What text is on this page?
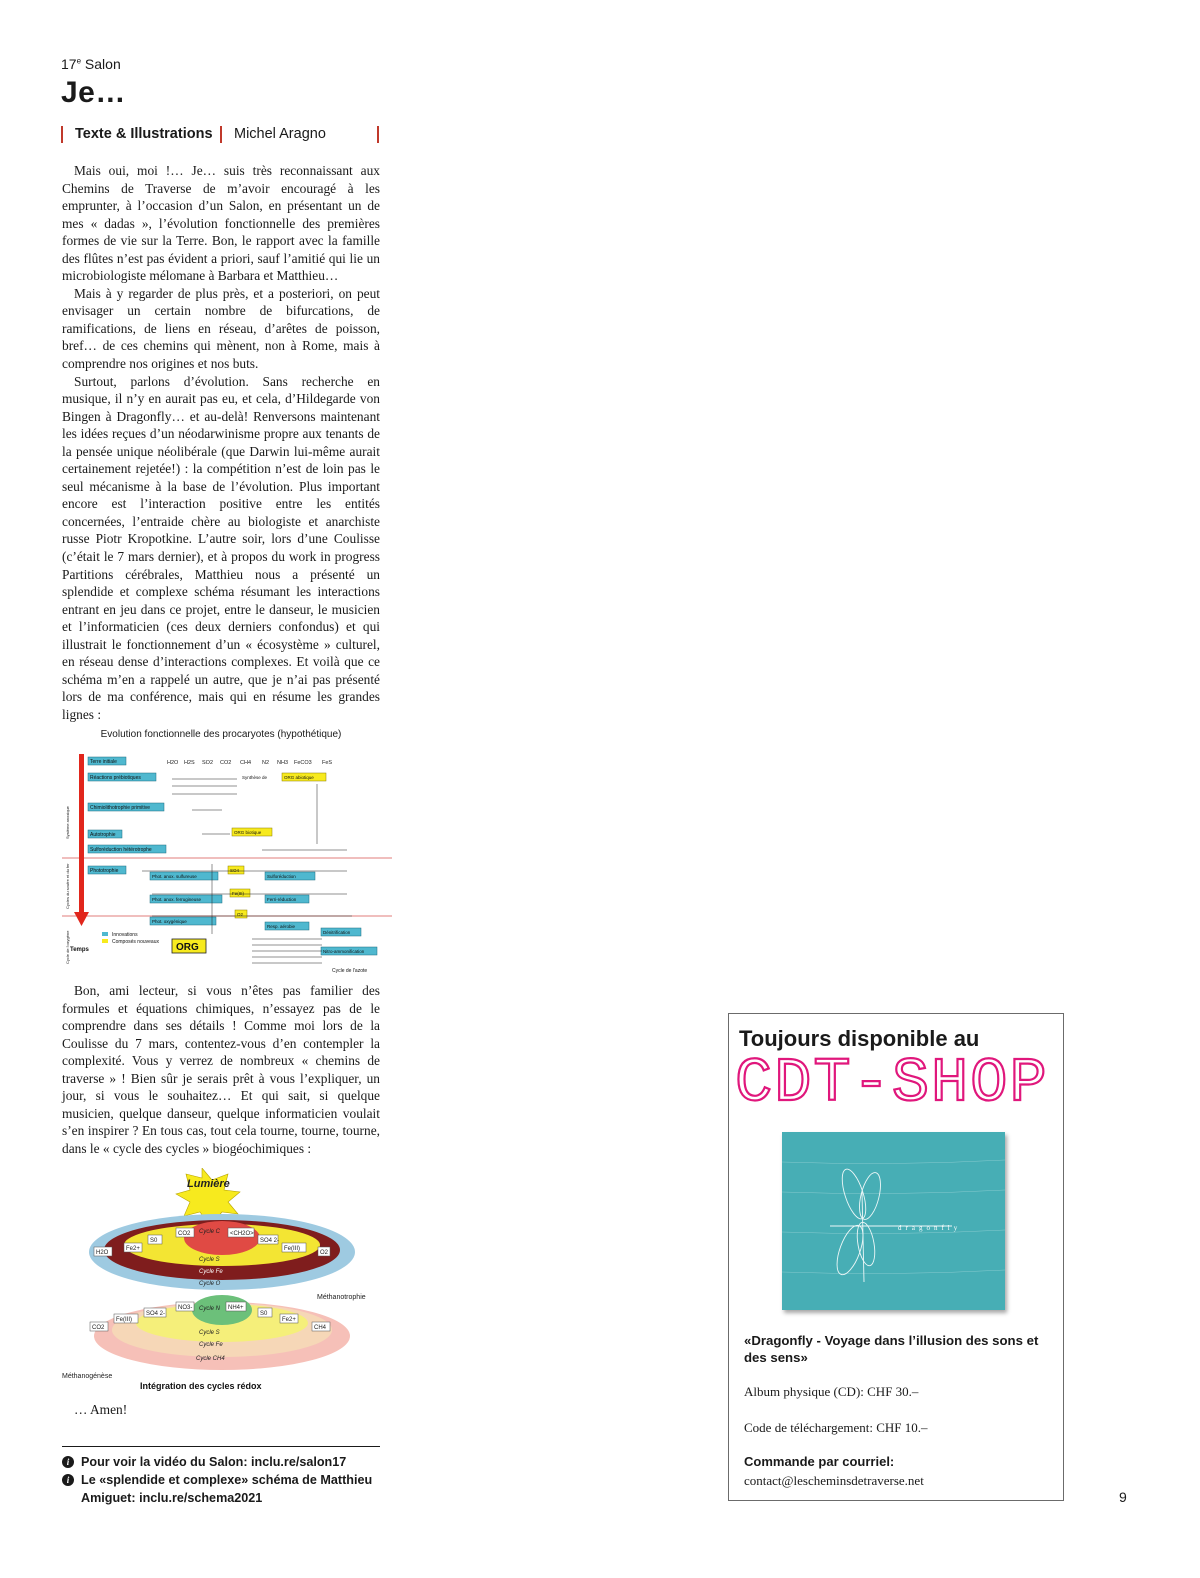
17e Salon
Je…
Texte & Illustrations Michel Aragno

Mais oui, moi !… Je… suis très reconnaissant aux Chemins de Traverse de m’avoir encouragé à les emprunter, à l’occasion d’un Salon, en présentant un de mes « dadas », l’évolution fonctionnelle des premières formes de vie sur la Terre. Bon, le rapport avec la famille des flûtes n’est pas évident a priori, sauf l’amitié qui lie un microbiologiste mélomane à Barbara et Matthieu…

Mais à y regarder de plus près, et a posteriori, on peut envisager un certain nombre de bifurcations, de ramifications, de liens en réseau, d’arêtes de poisson, bref… de ces chemins qui mènent, non à Rome, mais à comprendre nos origines et nos buts.

Surtout, parlons d’évolution. Sans recherche en musique, il n’y en aurait pas eu, et cela, d’Hildegarde von Bingen à Dragonfly… et au-delà! Renversons maintenant les idées reçues d’un néodarwinisme propre aux tenants de la pensée unique néolibérale (que Darwin lui-même aurait certainement rejetée!) : la compétition n’est de loin pas le seul mécanisme à la base de l’évolution. Plus important encore est l’interaction positive entre les entités concernées, l’entraide chère au biologiste et anarchiste russe Piotr Kropotkine. L’autre soir, lors d’une Coulisse (c’était le 7 mars dernier), et à propos du work in progress Partitions cérébrales, Matthieu nous a présenté un splendide et complexe schéma résumant les interactions entrant en jeu dans ce projet, entre le danseur, le musicien et l’informaticien (ces deux derniers confondus) et qui illustrait le fonctionnement d’un « écosystème » culturel, en réseau dense d’interactions complexes. Et voilà que ce schéma m’en a rappelé un autre, que je n’ai pas présenté lors de ma conférence, mais qui en résume les grandes lignes :

Evolution fonctionnelle des procaryotes (hypothétique)
H2O H2S SO2 CO2 CH4 N2 NH3 FeCO3 FeS
Système anoxique
Cycles du soufre et du fer
Cycle de l'oxygène
Terre initiale
Réactions prébiotiques
Chimiolithotrophie primitive
Autotrophie
Sulforéduction hétérotrophe
Phototrophie
Synthèse de	ORG abiotique
ORG biotique
SO4
Fe(III)
O2
Phot. anox. sulfureuse
Phot. anox. ferrugineuse
Phot. oxygénique
Sulforéduction
Ferri-réduction
Resp. aérobie
Dénitrification
Nitro-ammonification
Innovations
Composés nouveaux
Temps	ORG
Cycle de l'azote

Bon, ami lecteur, si vous n’êtes pas familier des formules et équations chimiques, n’essayez pas de le comprendre dans ses détails ! Comme moi lors de la Coulisse du 7 mars, contentez-vous d’en contempler la complexité. Vous y verrez de nombreux « chemins de traverse » ! Bien sûr je serais prêt à vous l’expliquer, un jour, si vous le souhaitez… Et qui sait, si quelque musicien, quelque danseur, quelque informaticien voulait s’en inspirer ? En tous cas, tout cela tourne, tourne, tourne, dans le « cycle des cycles » biogéochimiques :

Lumière
Cycle C
Cycle S
Cycle Fe
Cycle O
Cycle N
Cycle S
Cycle Fe
Cycle CH4
H2O
Fe2+
S0
CO2	<CH2O>
SO4 2-
Fe(III)
O2
CO2
Fe(III)
SO4 2-
NO3-	NH4+
S0
Fe2+
CH4
Méthanotrophie
Méthanogénèse
Intégration des cycles rédox
… Amen!
i Pour voir la vidéo du Salon: inclu.re/salon17
i Le «splendide et complexe» schéma de Matthieu Amiguet: inclu.re/schema2021
Toujours disponible au
CDT-SHOP
dragonfly
«Dragonfly - Voyage dans l’illusion des sons et des sens»
Album physique (CD): CHF 30.–
Code de téléchargement: CHF 10.–
Commande par courriel:
contact@lescheminsdetraverse.net
9
